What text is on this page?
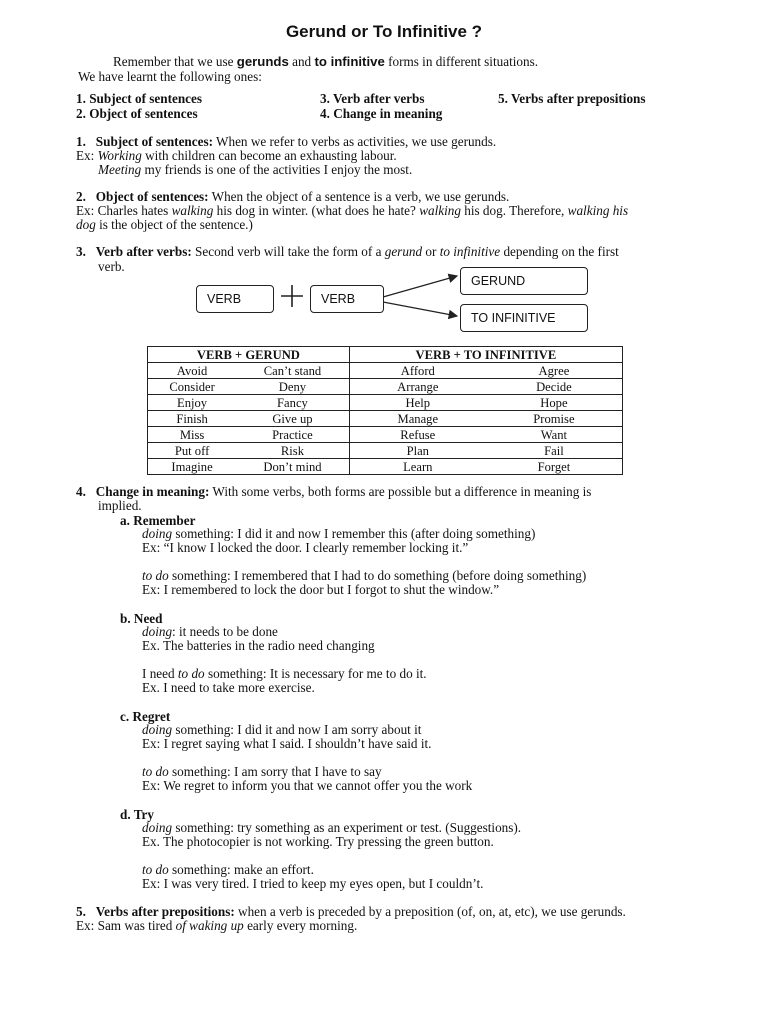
Gerund or To Infinitive ?
Remember that we use gerunds and to infinitive forms in different situations.
We have learnt the following ones:
1. Subject of sentences
2. Object of sentences
3. Verb after verbs
4. Change in meaning
5. Verbs after prepositions
1. Subject of sentences: When we refer to verbs as activities, we use gerunds.
Ex: Working with children can become an exhausting labour.
Meeting my friends is one of the activities I enjoy the most.
2. Object of sentences: When the object of a sentence is a verb, we use gerunds.
Ex: Charles hates walking his dog in winter. (what does he hate? walking his dog. Therefore, walking his
dog is the object of the sentence.)
3. Verb after verbs: Second verb will take the form of a gerund or to infinitive depending on the first
verb.
VERB	VERB
GERUND
TO INFINITIVE
VERB + GERUND		VERB + TO INFINITIVE	
Avoid	Can’t stand	Afford	Agree
Consider	Deny	Arrange	Decide
Enjoy	Fancy	Help	Hope
Finish	Give up	Manage	Promise
Miss	Practice	Refuse	Want
Put off	Risk	Plan	Fail
Imagine	Don’t mind	Learn	Forget
4. Change in meaning: With some verbs, both forms are possible but a difference in meaning is
implied.
a. Remember
doing something: I did it and now I remember this (after doing something)
Ex: “I know I locked the door. I clearly remember locking it.”
to do something: I remembered that I had to do something (before doing something)
Ex: I remembered to lock the door but I forgot to shut the window.”
b. Need
doing: it needs to be done
Ex. The batteries in the radio need changing
I need to do something: It is necessary for me to do it.
Ex. I need to take more exercise.
c. Regret
doing something: I did it and now I am sorry about it
Ex: I regret saying what I said. I shouldn’t have said it.
to do something: I am sorry that I have to say
Ex: We regret to inform you that we cannot offer you the work
d. Try
doing something: try something as an experiment or test. (Suggestions).
Ex. The photocopier is not working. Try pressing the green button.
to do something: make an effort.
Ex: I was very tired. I tried to keep my eyes open, but I couldn’t.
5. Verbs after prepositions: when a verb is preceded by a preposition (of, on, at, etc), we use gerunds.
Ex: Sam was tired of waking up early every morning.
